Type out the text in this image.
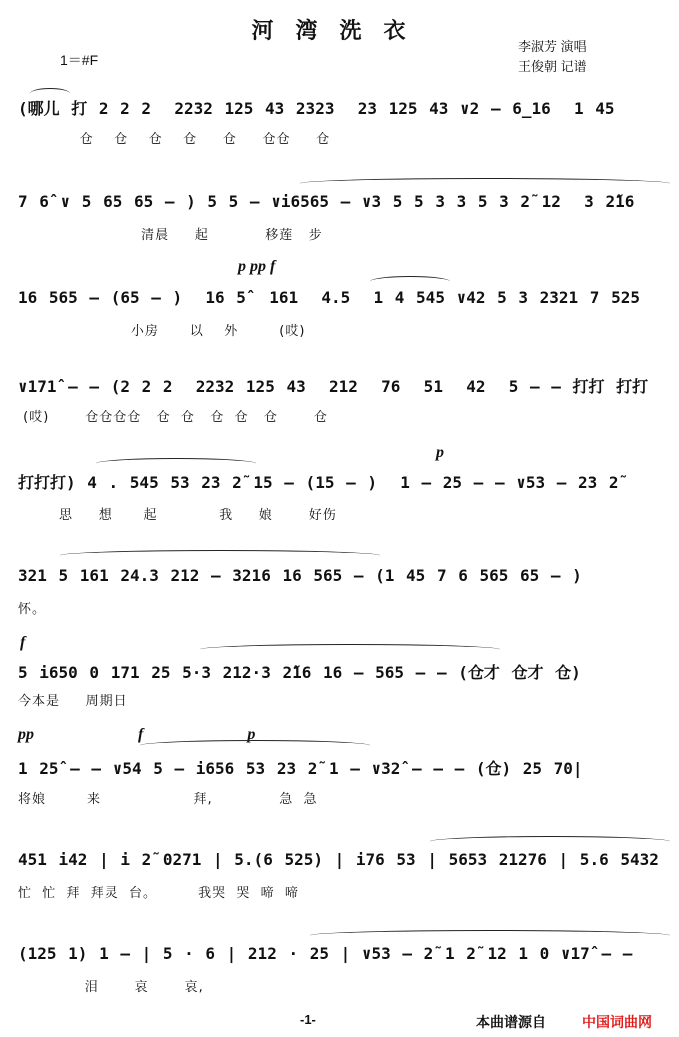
河湾洗衣
李淑芳 演唱
王俊朝 记谱
1＝#F
(哪儿 打 2 2 2  2232 125 43 2323  23 125 43 ∨2 — 6̲16  1 45
仓    仓    仓    仓     仓     仓仓     仓
7 6̂ ∨ 5 65 65 — ) 5 5 — ∨i6565 — ∨3 5 5 3 3 5 3 2̃ 12  3 2̃16
清晨     起           移莲   步
p pp f
16 565 — (65 — )  16 5̂  161  4.5  1 4 545 ∨42 5 3 2321 7 525
小房      以    外        (哎)
∨171̂ — — (2 2 2  2232 125 43  212  76  51  42  5 — — 打打 打打
(哎)       仓仓仓仓   仓  仓   仓  仓   仓       仓
p
打打打) 4 . 545 53 23 2̃ 15 — (15 — )  1 — 25 — — ∨53 — 23 2̃
思     想      起            我     娘       好伤
321 5 161 24.3 212 — 3216 16 565 — (1 45 7 6 565 65 — )
怀。
f
5 i650 0 171 25 5·3 212·3 2̃16 16 — 565 — — (仓才 仓才 仓)
今本是     周期日
pp f p
1 25̂ — — ∨54 5 — i656 53 23 2̃ 1 — ∨32̂ — — — (仓) 25 70|
将娘        来                  拜,             急  急
451 i42 | i 2̃ 0271 | 5.(6 525) | i76 53 | 5653 21276 | 5.6 5432
忙  忙  拜  拜灵  台。        我哭  哭  啼  啼
(125 1) 1 — | 5 · 6 | 212 · 25 | ∨53 — 2̃ 1 2̃ 12 1 0 ∨17̂ — —
泪       哀       哀,
-1-	本曲谱源自	中国词曲网
